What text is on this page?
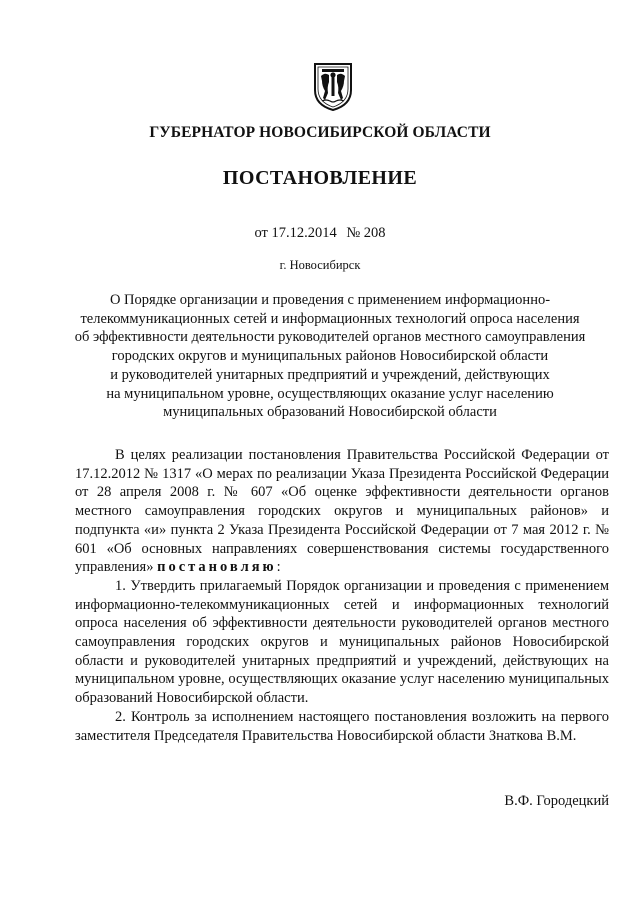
ГУБЕРНАТОР НОВОСИБИРСКОЙ ОБЛАСТИ
ПОСТАНОВЛЕНИЕ
от 17.12.2014 № 208
г. Новосибирск
О Порядке организации и проведения с применением информационно-
телекоммуникационных сетей и информационных технологий опроса населения
об эффективности деятельности руководителей органов местного самоуправления
городских округов и муниципальных районов Новосибирской области
и руководителей унитарных предприятий и учреждений, действующих
на муниципальном уровне, осуществляющих оказание услуг населению
муниципальных образований Новосибирской области

В целях реализации постановления Правительства Российской Федерации от 17.12.2012 № 1317 «О мерах по реализации Указа Президента Российской Федерации от 28 апреля 2008 г. № 607 «Об оценке эффективности деятельности органов местного самоуправления городских округов и муниципальных районов» и подпункта «и» пункта 2 Указа Президента Российской Федерации от 7 мая 2012 г. № 601 «Об основных направлениях совершенствования системы государственного управления» постановляю:

1. Утвердить прилагаемый Порядок организации и проведения с применением информационно-телекоммуникационных сетей и информационных технологий опроса населения об эффективности деятельности руководителей органов местного самоуправления городских округов и муниципальных районов Новосибирской области и руководителей унитарных предприятий и учреждений, действующих на муниципальном уровне, осуществляющих оказание услуг населению муниципальных образований Новосибирской области.

2. Контроль за исполнением настоящего постановления возложить на первого заместителя Председателя Правительства Новосибирской области Знаткова В.М.

В.Ф. Городецкий
